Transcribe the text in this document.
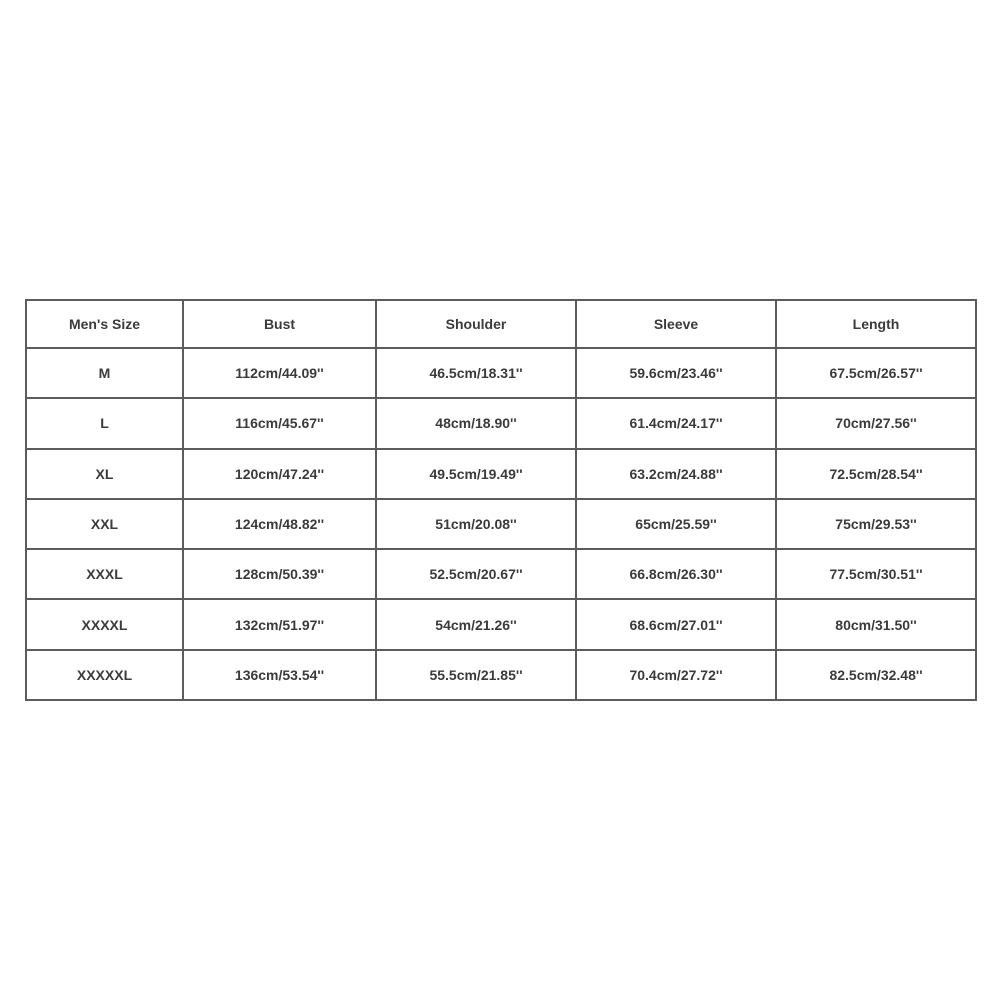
Men's Size	Bust	Shoulder	Sleeve	Length
M	112cm/44.09''	46.5cm/18.31''	59.6cm/23.46''	67.5cm/26.57''
L	116cm/45.67''	48cm/18.90''	61.4cm/24.17''	70cm/27.56''
XL	120cm/47.24''	49.5cm/19.49''	63.2cm/24.88''	72.5cm/28.54''
XXL	124cm/48.82''	51cm/20.08''	65cm/25.59''	75cm/29.53''
XXXL	128cm/50.39''	52.5cm/20.67''	66.8cm/26.30''	77.5cm/30.51''
XXXXL	132cm/51.97''	54cm/21.26''	68.6cm/27.01''	80cm/31.50''
XXXXXL	136cm/53.54''	55.5cm/21.85''	70.4cm/27.72''	82.5cm/32.48''
